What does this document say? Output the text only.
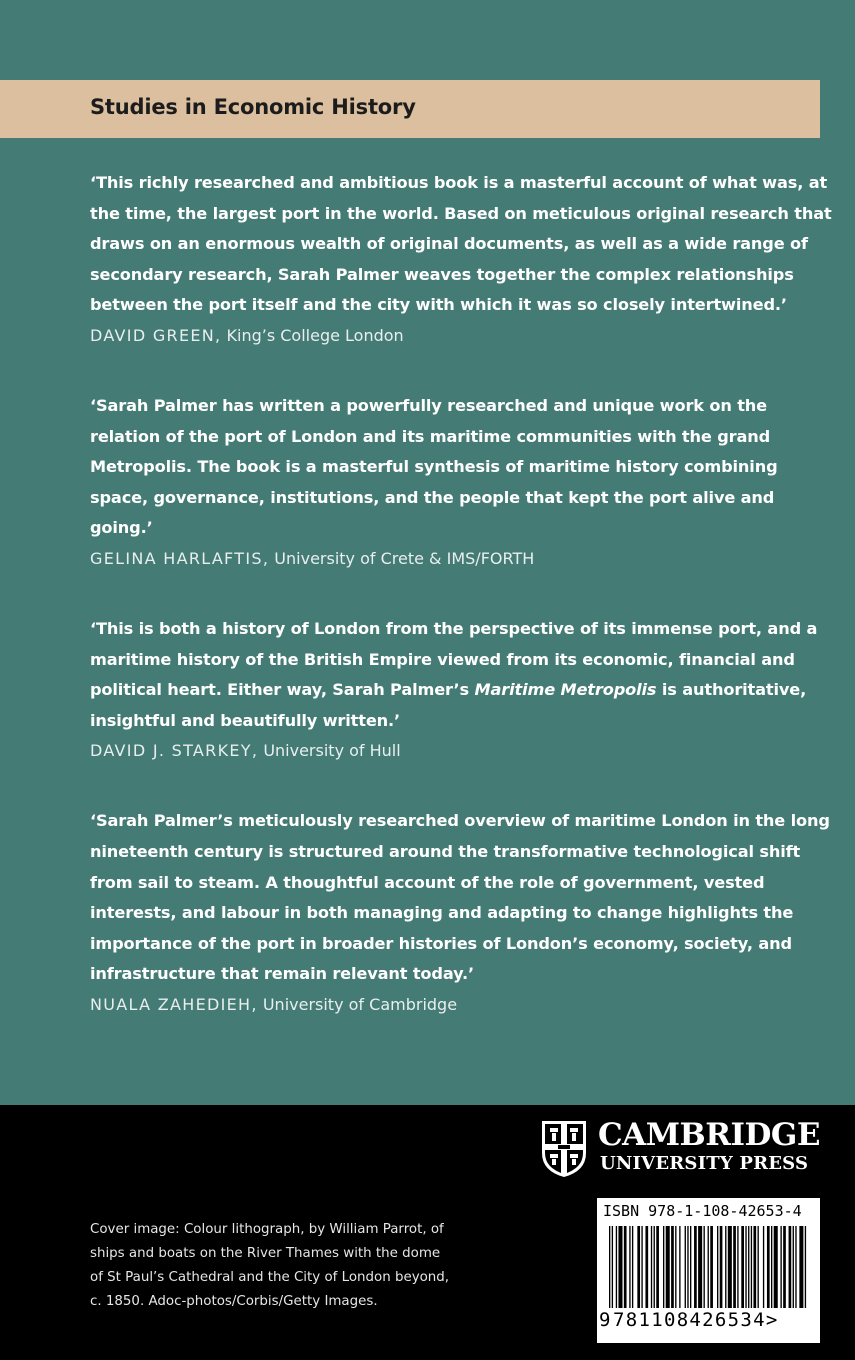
Studies in Economic History

‘This richly researched and ambitious book is a masterful account of what was, at the time, the largest port in the world. Based on meticulous original research that draws on an enormous wealth of original documents, as well as a wide range of secondary research, Sarah Palmer weaves together the complex relationships between the port itself and the city with which it was so closely intertwined.’

DAVID GREEN, King’s College London

‘Sarah Palmer has written a powerfully researched and unique work on the relation of the port of London and its maritime communities with the grand Metropolis. The book is a masterful synthesis of maritime history combining space, governance, institutions, and the people that kept the port alive and going.’

GELINA HARLAFTIS, University of Crete & IMS/FORTH

‘This is both a history of London from the perspective of its immense port, and a maritime history of the British Empire viewed from its economic, financial and political heart. Either way, Sarah Palmer’s Maritime Metropolis is authoritative, insightful and beautifully written.’

DAVID J. STARKEY, University of Hull

‘Sarah Palmer’s meticulously researched overview of maritime London in the long nineteenth century is structured around the transformative technological shift from sail to steam. A thoughtful account of the role of government, vested interests, and labour in both managing and adapting to change highlights the importance of the port in broader histories of London’s economy, society, and infrastructure that remain relevant today.’

NUALA ZAHEDIEH, University of Cambridge

Cover image: Colour lithograph, by William Parrot, of ships and boats on the River Thames with the dome of St Paul’s Cathedral and the City of London beyond, c. 1850. Adoc-photos/Corbis/Getty Images.

CAMBRIDGE
UNIVERSITY PRESS
ISBN 978-1-108-42653-4
9 781108426534>
